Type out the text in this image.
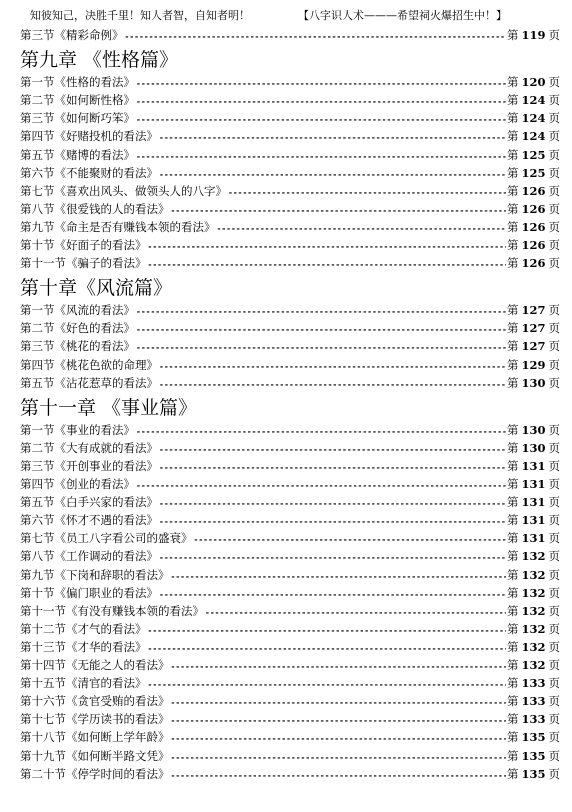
知彼知己，决胜千里！知人者智，自知者明！	【八字识人术———希望祠火爆招生中！】
第三节《精彩命例》 -----	第 119 页
第九章 《性格篇》
第一节《性格的看法》 -----	第 120 页
第二节《如何断性格》 -----	第 124 页
第三节《如何断巧笨》 -----	第 124 页
第四节《好赌投机的看法》 -----	第 124 页
第五节《赌博的看法》 -----	第 125 页
第六节《不能聚财的看法》 -----	第 125 页
第七节《喜欢出风头、做领头人的八字》 -----	第 126 页
第八节《很爱钱的人的看法》 -----	第 126 页
第九节《命主是否有赚钱本领的看法》 -----	第 126 页
第十节《好面子的看法》 -----	第 126 页
第十一节《骗子的看法》 -----	第 126 页
第十章《风流篇》
第一节《风流的看法》 -----	第 127 页
第二节《好色的看法》 -----	第 127 页
第三节《桃花的看法》 -----	第 127 页
第四节《桃花色欲的命理》 -----	第 129 页
第五节《沾花惹草的看法》 -----	第 130 页
第十一章 《事业篇》
第一节《事业的看法》 -----	第 130 页
第二节《大有成就的看法》 -----	第 130 页
第三节《开创事业的看法》 -----	第 131 页
第四节《创业的看法》 -----	第 131 页
第五节《白手兴家的看法》 -----	第 131 页
第六节《怀才不遇的看法》 -----	第 131 页
第七节《员工八字看公司的盛衰》 -----	第 131 页
第八节《工作调动的看法》 -----	第 132 页
第九节《下岗和辞职的看法》 -----	第 132 页
第十节《偏门职业的看法》 -----	第 132 页
第十一节《有没有赚钱本领的看法》 -----	第 132 页
第十二节《才气的看法》 -----	第 132 页
第十三节《才华的看法》 -----	第 132 页
第十四节《无能之人的看法》 -----	第 132 页
第十五节《清官的看法》 -----	第 133 页
第十六节《贪官受贿的看法》 -----	第 133 页
第十七节《学历读书的看法》 -----	第 133 页
第十八节《如何断上学年龄》 -----	第 135 页
第十九节《如何断半路文凭》 -----	第 135 页
第二十节《停学时间的看法》 -----	第 135 页
